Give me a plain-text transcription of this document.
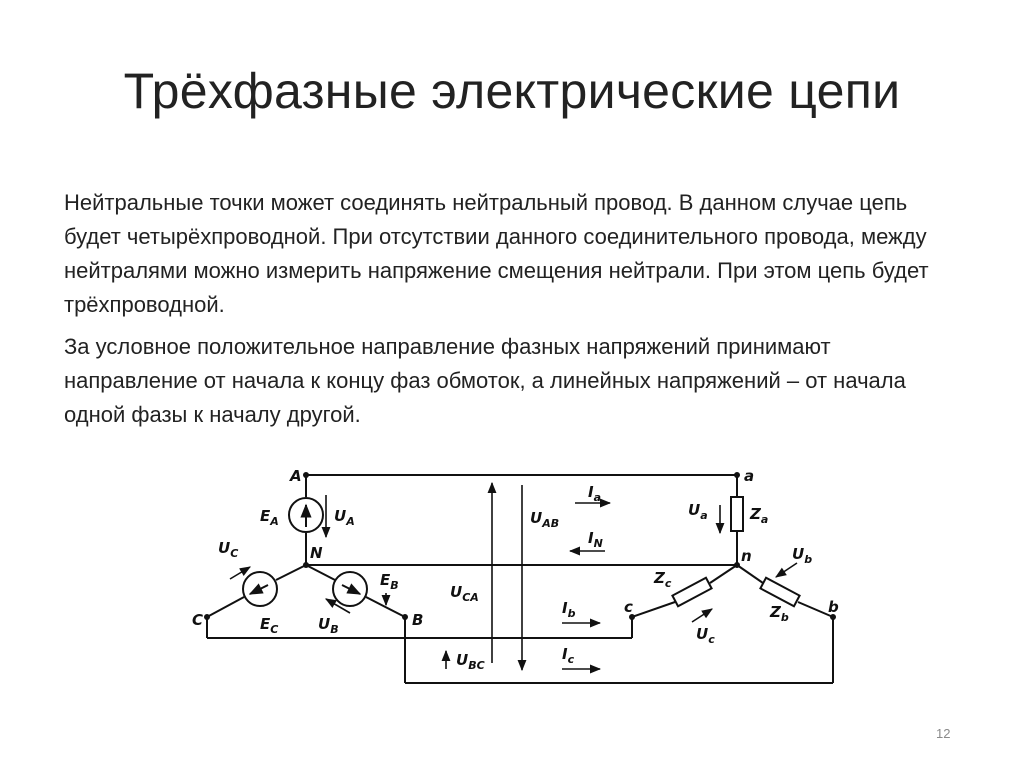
Трёхфазные электрические цепи

Нейтральные точки может соединять нейтральный провод. В данном случае цепь будет четырёхпроводной. При отсутствии данного соединительного провода, между нейтралями можно измерить напряжение смещения нейтрали. При этом цепь будет трёхпроводной.

За условное положительное направление фазных напряжений принимают направление от начала к концу фаз обмоток, а линейных напряжений – от начала одной фазы к началу другой.

A
N
C	B
a
n
c	b
$E_A$	$U_A$
$U_C$
$E_B$
$E_C$	$U_B$
$U_{AB}$
$U_{CA}$
$U_{BC}$
$I_a$
$I_N$
$I_b$
$I_c$
$U_a$	$Z_a$
$U_b$
$Z_c$
$Z_b$
$U_c$
12
